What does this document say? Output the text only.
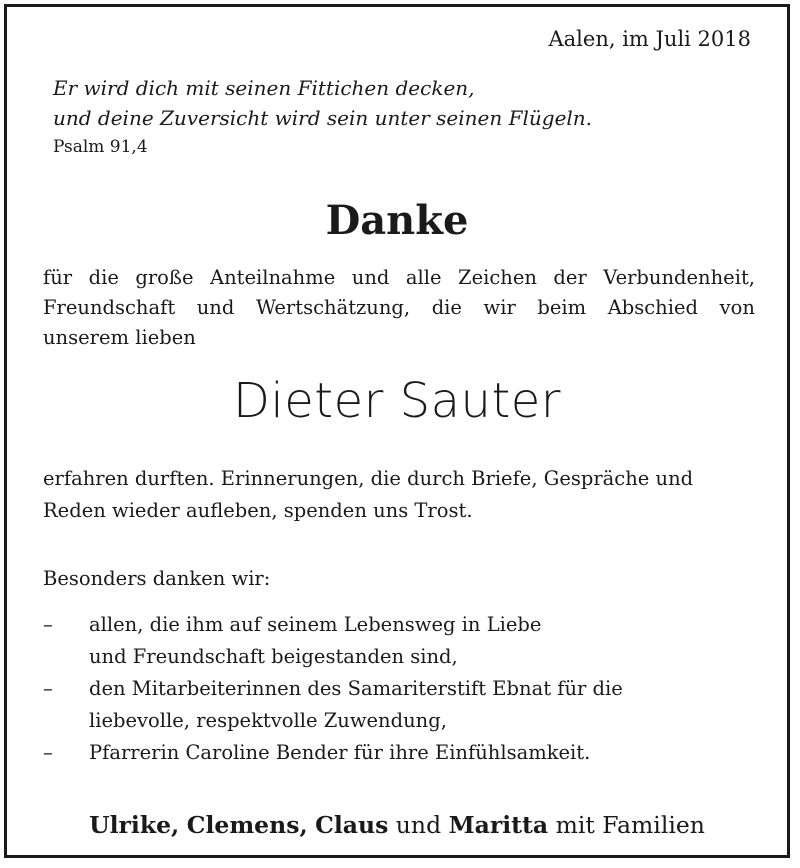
Aalen, im Juli 2018
Er wird dich mit seinen Fittichen decken,
und deine Zuversicht wird sein unter seinen Flügeln.
Psalm 91,4
Danke
für die große Anteilnahme und alle Zeichen der Verbundenheit,
Freundschaft und Wertschätzung, die wir beim Abschied von
unserem lieben
Dieter Sauter
erfahren durften. Erinnerungen, die durch Briefe, Gespräche und
Reden wieder aufleben, spenden uns Trost.
Besonders danken wir:
– allen, die ihm auf seinem Lebensweg in Liebe
und Freundschaft beigestanden sind,
– den Mitarbeiterinnen des Samariterstift Ebnat für die
liebevolle, respektvolle Zuwendung,
– Pfarrerin Caroline Bender für ihre Einfühlsamkeit.
Ulrike, Clemens, Claus und Maritta mit Familien
